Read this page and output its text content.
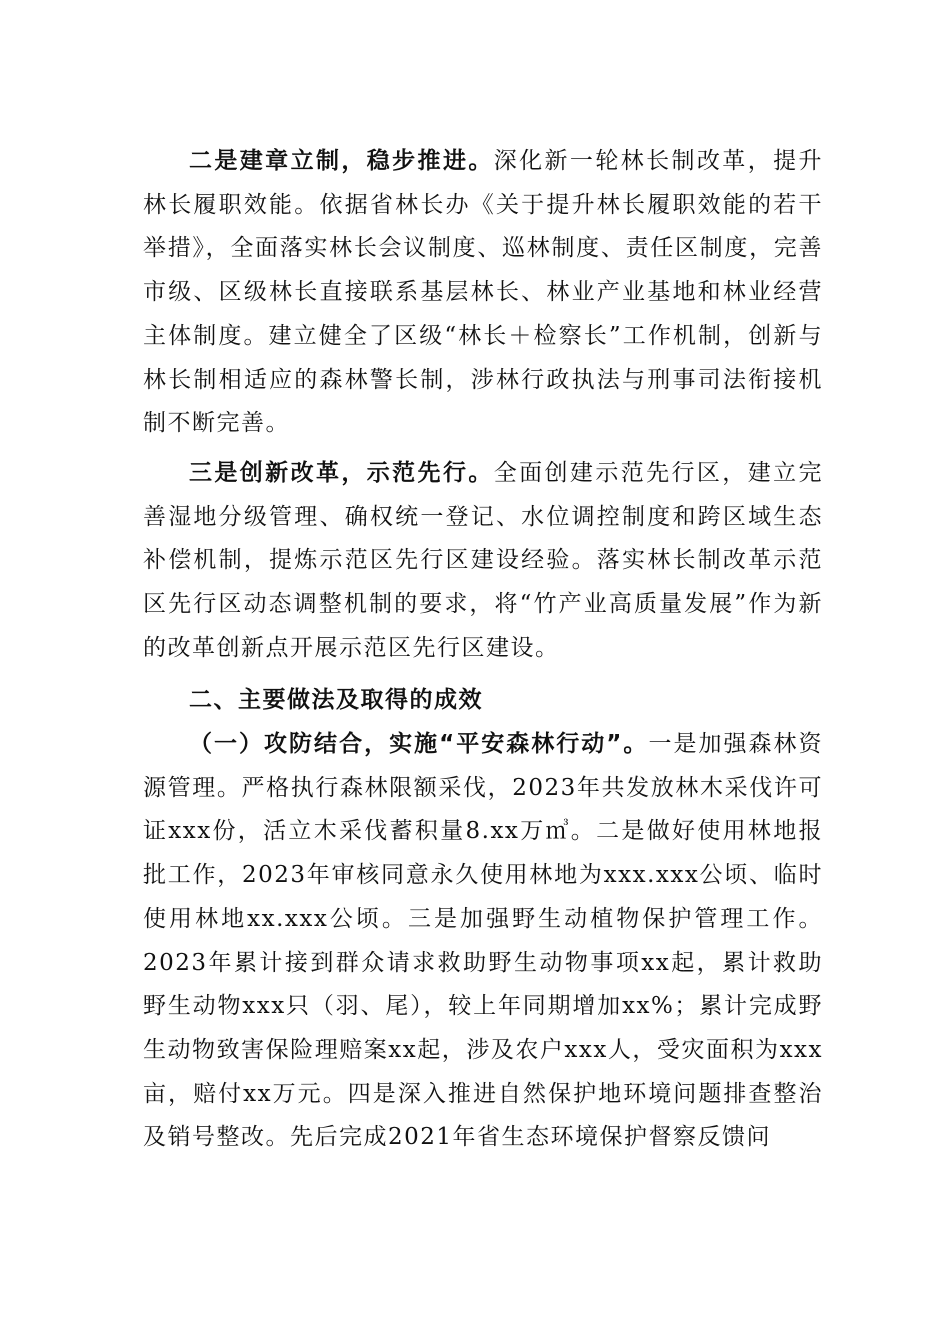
二是建章立制，稳步推进。深化新一轮林长制改革，提升林长履职效能。依据省林长办《关于提升林长履职效能的若干举措》，全面落实林长会议制度、巡林制度、责任区制度，完善市级、区级林长直接联系基层林长、林业产业基地和林业经营主体制度。建立健全了区级“林长＋检察长”工作机制，创新与林长制相适应的森林警长制，涉林行政执法与刑事司法衔接机制不断完善。

三是创新改革，示范先行。全面创建示范先行区，建立完善湿地分级管理、确权统一登记、水位调控制度和跨区域生态补偿机制，提炼示范区先行区建设经验。落实林长制改革示范区先行区动态调整机制的要求，将“竹产业高质量发展”作为新的改革创新点开展示范区先行区建设。

二、主要做法及取得的成效

（一）攻防结合，实施“平安森林行动”。一是加强森林资源管理。严格执行森林限额采伐，2023年共发放林木采伐许可证xxx份，活立木采伐蓄积量8.xx万㎥。二是做好使用林地报批工作，2023年审核同意永久使用林地为xxx.xxx公顷、临时使用林地xx.xxx公顷。三是加强野生动植物保护管理工作。2023年累计接到群众请求救助野生动物事项xx起，累计救助野生动物xxx只（羽、尾），较上年同期增加xx%；累计完成野生动物致害保险理赔案xx起，涉及农户xxx人，受灾面积为xxx亩，赔付xx万元。四是深入推进自然保护地环境问题排查整治及销号整改。先后完成2021年省生态环境保护督察反馈问
